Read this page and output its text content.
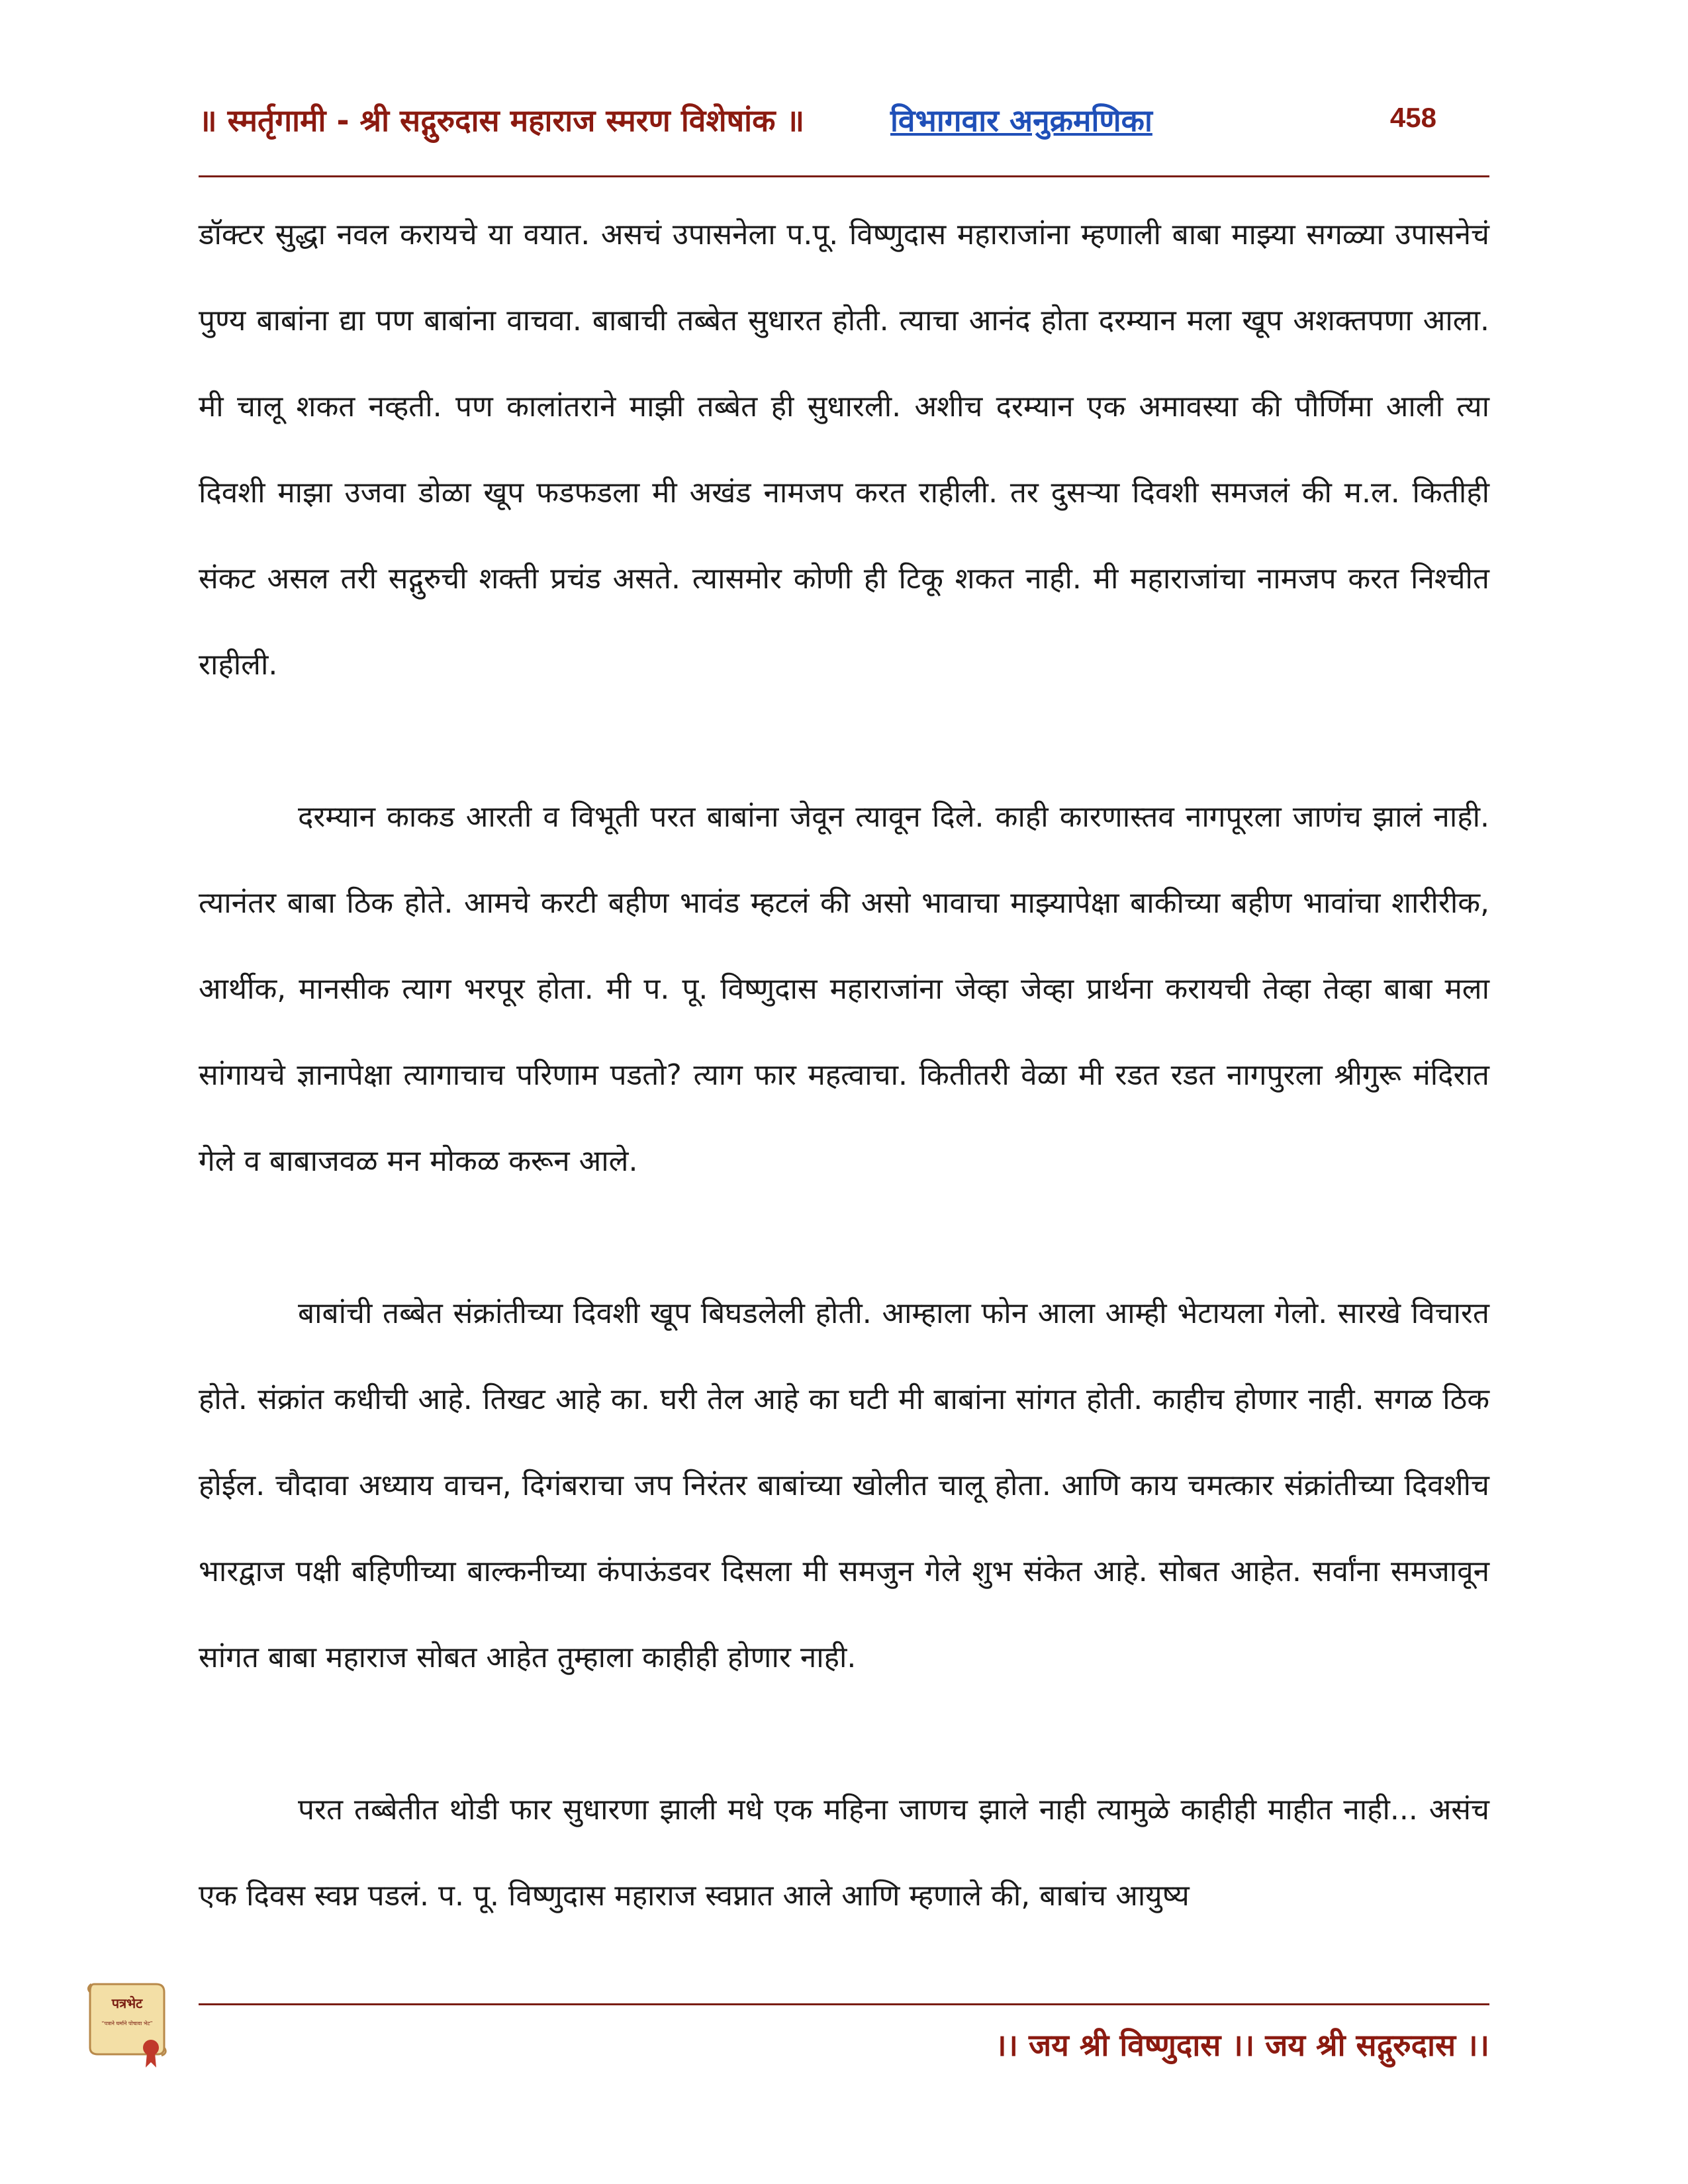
॥ स्मर्तृगामी - श्री सद्गुरुदास महाराज स्मरण विशेषांक ॥	विभागवार अनुक्रमणिका	458

डॉक्टर सुद्धा नवल करायचे या वयात. असचं उपासनेला प.पू. विष्णुदास महाराजांना म्हणाली बाबा माझ्या सगळ्या उपासनेचं पुण्य बाबांना द्या पण बाबांना वाचवा. बाबाची तब्बेत सुधारत होती. त्याचा आनंद होता दरम्यान मला खूप अशक्तपणा आला. मी चालू शकत नव्हती. पण कालांतराने माझी तब्बेत ही सुधारली. अशीच दरम्यान एक अमावस्या की पौर्णिमा आली त्या दिवशी माझा उजवा डोळा खूप फडफडला मी अखंड नामजप करत राहीली. तर दुसऱ्या दिवशी समजलं की म.ल. कितीही संकट असल तरी सद्गुरुची शक्ती प्रचंड असते. त्यासमोर कोणी ही टिकू शकत नाही. मी महाराजांचा नामजप करत निश्चीत राहीली.

दरम्यान काकड आरती व विभूती परत बाबांना जेवून त्यावून दिले. काही कारणास्तव नागपूरला जाणंच झालं नाही. त्यानंतर बाबा ठिक होते. आमचे करटी बहीण भावंड म्हटलं की असो भावाचा माझ्यापेक्षा बाकीच्या बहीण भावांचा शारीरीक, आर्थीक, मानसीक त्याग भरपूर होता. मी प. पू. विष्णुदास महाराजांना जेव्हा जेव्हा प्रार्थना करायची तेव्हा तेव्हा बाबा मला सांगायचे ज्ञानापेक्षा त्यागाचाच परिणाम पडतो? त्याग फार महत्वाचा. कितीतरी वेळा मी रडत रडत नागपुरला श्रीगुरू मंदिरात गेले व बाबाजवळ मन मोकळ करून आले.

बाबांची तब्बेत संक्रांतीच्या दिवशी खूप बिघडलेली होती. आम्हाला फोन आला आम्ही भेटायला गेलो. सारखे विचारत होते. संक्रांत कधीची आहे. तिखट आहे का. घरी तेल आहे का घटी मी बाबांना सांगत होती. काहीच होणार नाही. सगळ ठिक होईल. चौदावा अध्याय वाचन, दिगंबराचा जप निरंतर बाबांच्या खोलीत चालू होता. आणि काय चमत्कार संक्रांतीच्या दिवशीच भारद्वाज पक्षी बहिणीच्या बाल्कनीच्या कंपाऊंडवर दिसला मी समजुन गेले शुभ संकेत आहे. सोबत आहेत. सर्वांना समजावून सांगत बाबा महाराज सोबत आहेत तुम्हाला काहीही होणार नाही.

परत तब्बेतीत थोडी फार सुधारणा झाली मधे एक महिना जाणच झाले नाही त्यामुळे काहीही माहीत नाही... असंच एक दिवस स्वप्न पडलं. प. पू. विष्णुदास महाराज स्वप्नात आले आणि म्हणाले की, बाबांच आयुष्य

पत्रभेट
“पत्राने घर्माने पोचावा भेट”
।। जय श्री विष्णुदास ।। जय श्री सद्गुरुदास ।।
